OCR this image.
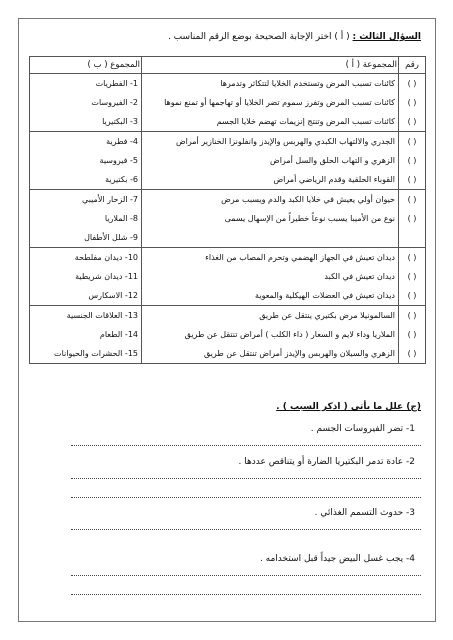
السؤال الثالث : ( أ ) اختر الإجابة الصحيحة بوضع الرقم المناسب .
رقم	المجموعة ( أ )	المجموع ( ب )
( )	كائنات تسبب المرض وتستخدم الخلايا لتتكاثر وتدمرها	1- الفطريات
( )	كائنات تسبب المرض وتفرز سموم تضر الخلايا أو تهاجمها أو تمنع نموها	2- الفيروسات
( )	كائنات تسبب المرض وتنتج إنزيمات تهضم خلايا الجسم	3- البكتيريا
( )	الجدري والالتهاب الكبدي والهربس والإيدز وانفلونزا الخنازير أمراض	4- فطرية
( )	الزهري و التهاب الحلق والسل أمراض	5- فيروسية
( )	القوباء الحلقية وقدم الرياضي أمراض	6- بكتيرية
( )	حيوان أولي يعيش في خلايا الكبد والدم ويسبب مرض	7- الزحار الأميبي
( )	نوع من الأميبا يسبب نوعاً خطيراً من الإسهال يسمى	8- الملاريا
		9- شلل الأطفال
( )	ديدان تعيش في الجهاز الهضمي وتحرم المصاب من الغذاء	10- ديدان مفلطحة
( )	ديدان تعيش في الكبد	11- ديدان شريطية
( )	ديدان تعيش في العضلات الهيكلية والمعوية	12- الاسكارس
( )	السالمونيلا مرض بكتيري ينتقل عن طريق	13- العلاقات الجنسية
( )	الملاريا وداء لايم و السعار ( داء الكلب ) أمراض تنتقل عن طريق	14- الطعام
( )	الزهري والسيلان والهربس والإيدز أمراض تنتقل عن طريق	15- الحشرات والحيوانات
(ج) علل ما يأتي ( اذكر السبب ) .
1- تضر الفيروسات الجسم .
2- عادة تدمر البكتيريا الضارة أو يتناقص عددها .
3- حدوث التسمم الغذائي .
4- يجب غسل البيض جيداً قبل استخدامه .
